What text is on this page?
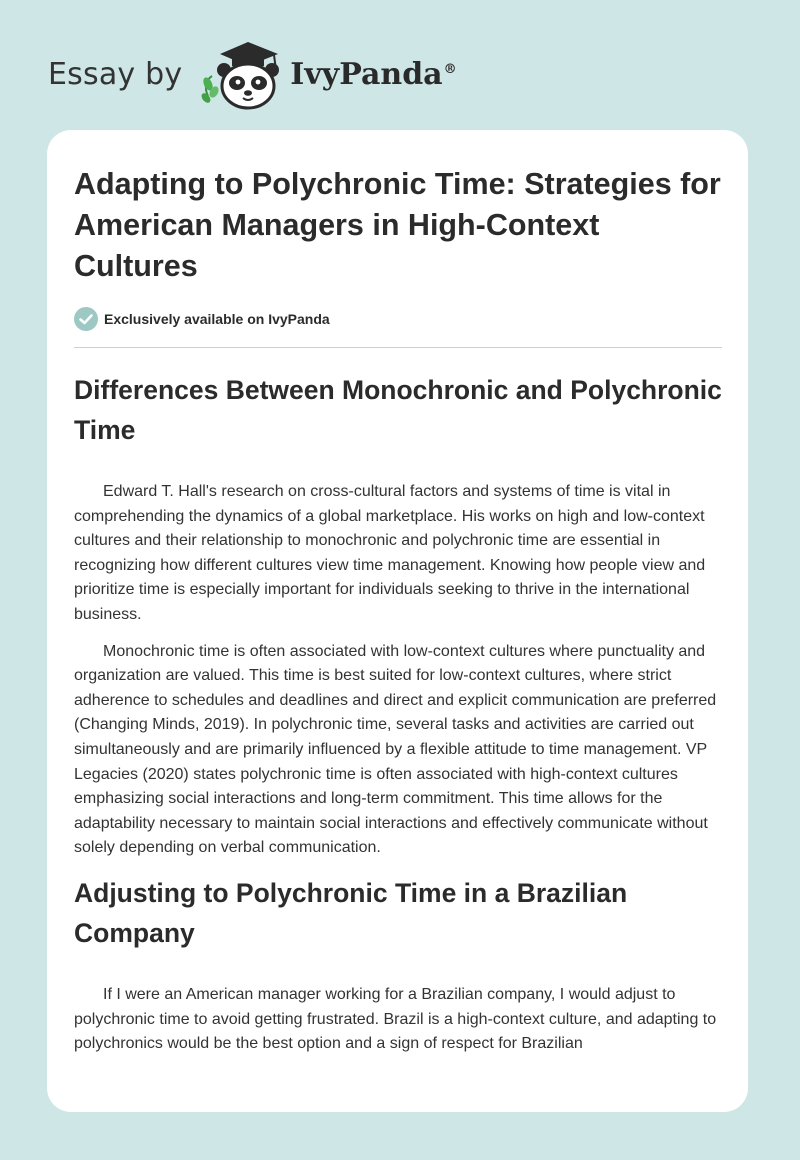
Essay by	IvyPanda®
Adapting to Polychronic Time: Strategies for American Managers in High-Context Cultures
Exclusively available on IvyPanda
Differences Between Monochronic and Polychronic Time

Edward T. Hall's research on cross-cultural factors and systems of time is vital in comprehending the dynamics of a global marketplace. His works on high and low-context cultures and their relationship to monochronic and polychronic time are essential in recognizing how different cultures view time management. Knowing how people view and prioritize time is especially important for individuals seeking to thrive in the international business.

Monochronic time is often associated with low-context cultures where punctuality and organization are valued. This time is best suited for low-context cultures, where strict adherence to schedules and deadlines and direct and explicit communication are preferred (Changing Minds, 2019). In polychronic time, several tasks and activities are carried out simultaneously and are primarily influenced by a flexible attitude to time management. VP Legacies (2020) states polychronic time is often associated with high-context cultures emphasizing social interactions and long-term commitment. This time allows for the adaptability necessary to maintain social interactions and effectively communicate without solely depending on verbal communication.

Adjusting to Polychronic Time in a Brazilian Company

If I were an American manager working for a Brazilian company, I would adjust to polychronic time to avoid getting frustrated. Brazil is a high-context culture, and adapting to polychronics would be the best option and a sign of respect for Brazilian
